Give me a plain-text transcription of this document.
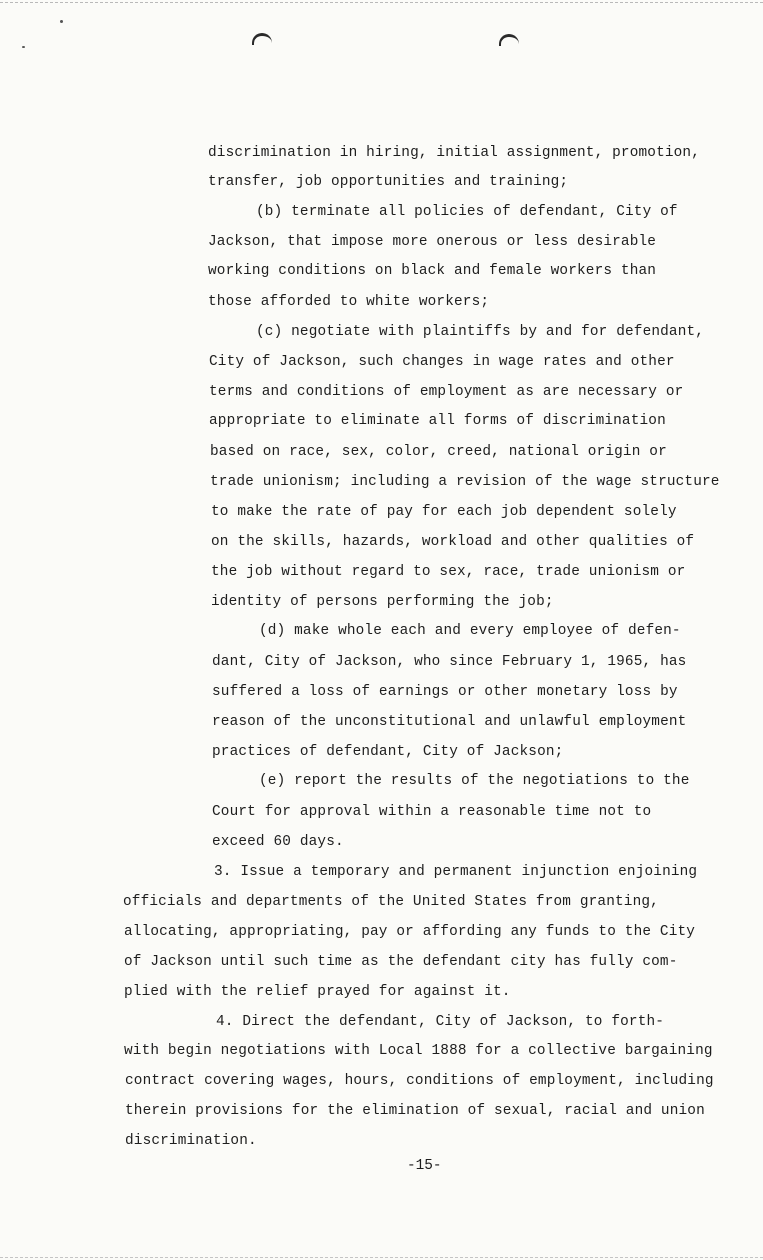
discrimination in hiring, initial assignment, promotion,
transfer, job opportunities and training;
(b) terminate all policies of defendant, City of
Jackson, that impose more onerous or less desirable
working conditions on black and female workers than
those afforded to white workers;
(c) negotiate with plaintiffs by and for defendant,
City of Jackson, such changes in wage rates and other
terms and conditions of employment as are necessary or
appropriate to eliminate all forms of discrimination
based on race, sex, color, creed, national origin or
trade unionism; including a revision of the wage structure
to make the rate of pay for each job dependent solely
on the skills, hazards, workload and other qualities of
the job without regard to sex, race, trade unionism or
identity of persons performing the job;
(d) make whole each and every employee of defen-
dant, City of Jackson, who since February 1, 1965, has
suffered a loss of earnings or other monetary loss by
reason of the unconstitutional and unlawful employment
practices of defendant, City of Jackson;
(e) report the results of the negotiations to the
Court for approval within a reasonable time not to
exceed 60 days.
3. Issue a temporary and permanent injunction enjoining
officials and departments of the United States from granting,
allocating, appropriating, pay or affording any funds to the City
of Jackson until such time as the defendant city has fully com-
plied with the relief prayed for against it.
4. Direct the defendant, City of Jackson, to forth-
with begin negotiations with Local 1888 for a collective bargaining
contract covering wages, hours, conditions of employment, including
therein provisions for the elimination of sexual, racial and union
discrimination.
-15-
